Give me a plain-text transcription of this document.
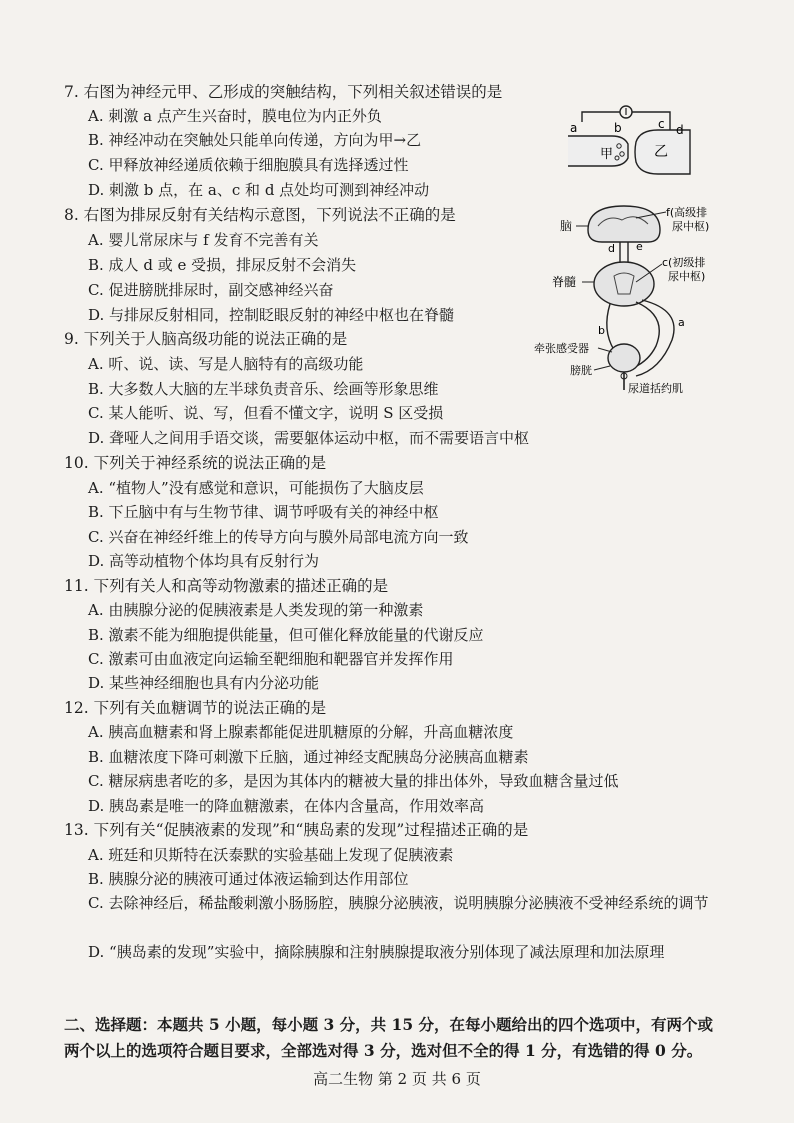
7. 右图为神经元甲、乙形成的突触结构，下列相关叙述错误的是
A. 刺激 a 点产生兴奋时，膜电位为内正外负
B. 神经冲动在突触处只能单向传递，方向为甲→乙
C. 甲释放神经递质依赖于细胞膜具有选择透过性
D. 刺激 b 点，在 a、c 和 d 点处均可测到神经冲动
8. 右图为排尿反射有关结构示意图，下列说法不正确的是
A. 婴儿常尿床与 f 发育不完善有关
B. 成人 d 或 e 受损，排尿反射不会消失
C. 促进膀胱排尿时，副交感神经兴奋
D. 与排尿反射相同，控制眨眼反射的神经中枢也在脊髓
9. 下列关于人脑高级功能的说法正确的是
A. 听、说、读、写是人脑特有的高级功能
B. 大多数人大脑的左半球负责音乐、绘画等形象思维
C. 某人能听、说、写，但看不懂文字，说明 S 区受损
D. 聋哑人之间用手语交谈，需要躯体运动中枢，而不需要语言中枢
10. 下列关于神经系统的说法正确的是
A. “植物人”没有感觉和意识，可能损伤了大脑皮层
B. 下丘脑中有与生物节律、调节呼吸有关的神经中枢
C. 兴奋在神经纤维上的传导方向与膜外局部电流方向一致
D. 高等动植物个体均具有反射行为
11. 下列有关人和高等动物激素的描述正确的是
A. 由胰腺分泌的促胰液素是人类发现的第一种激素
B. 激素不能为细胞提供能量，但可催化释放能量的代谢反应
C. 激素可由血液定向运输至靶细胞和靶器官并发挥作用
D. 某些神经细胞也具有内分泌功能
12. 下列有关血糖调节的说法正确的是
A. 胰高血糖素和肾上腺素都能促进肌糖原的分解，升高血糖浓度
B. 血糖浓度下降可刺激下丘脑，通过神经支配胰岛分泌胰高血糖素
C. 糖尿病患者吃的多，是因为其体内的糖被大量的排出体外，导致血糖含量过低
D. 胰岛素是唯一的降血糖激素，在体内含量高，作用效率高
13. 下列有关“促胰液素的发现”和“胰岛素的发现”过程描述正确的是
A. 班廷和贝斯特在沃泰默的实验基础上发现了促胰液素
B. 胰腺分泌的胰液可通过体液运输到达作用部位
C. 去除神经后，稀盐酸刺激小肠肠腔，胰腺分泌胰液，说明胰腺分泌胰液不受神经系统的调节
D. “胰岛素的发现”实验中，摘除胰腺和注射胰腺提取液分别体现了减法原理和加法原理
二、选择题：本题共 5 小题，每小题 3 分，共 15 分，在每小题给出的四个选项中，有两个或两个以上的选项符合题目要求，全部选对得 3 分，选对但不全的得 1 分，有选错的得 0 分。
高二生物 第 2 页 共 6 页
a	b	c d
甲	乙
脑
f(高级排
尿中枢)
d e
脊髓
c(初级排
尿中枢)
b
a
牵张感受器
膀胱
尿道括约肌
